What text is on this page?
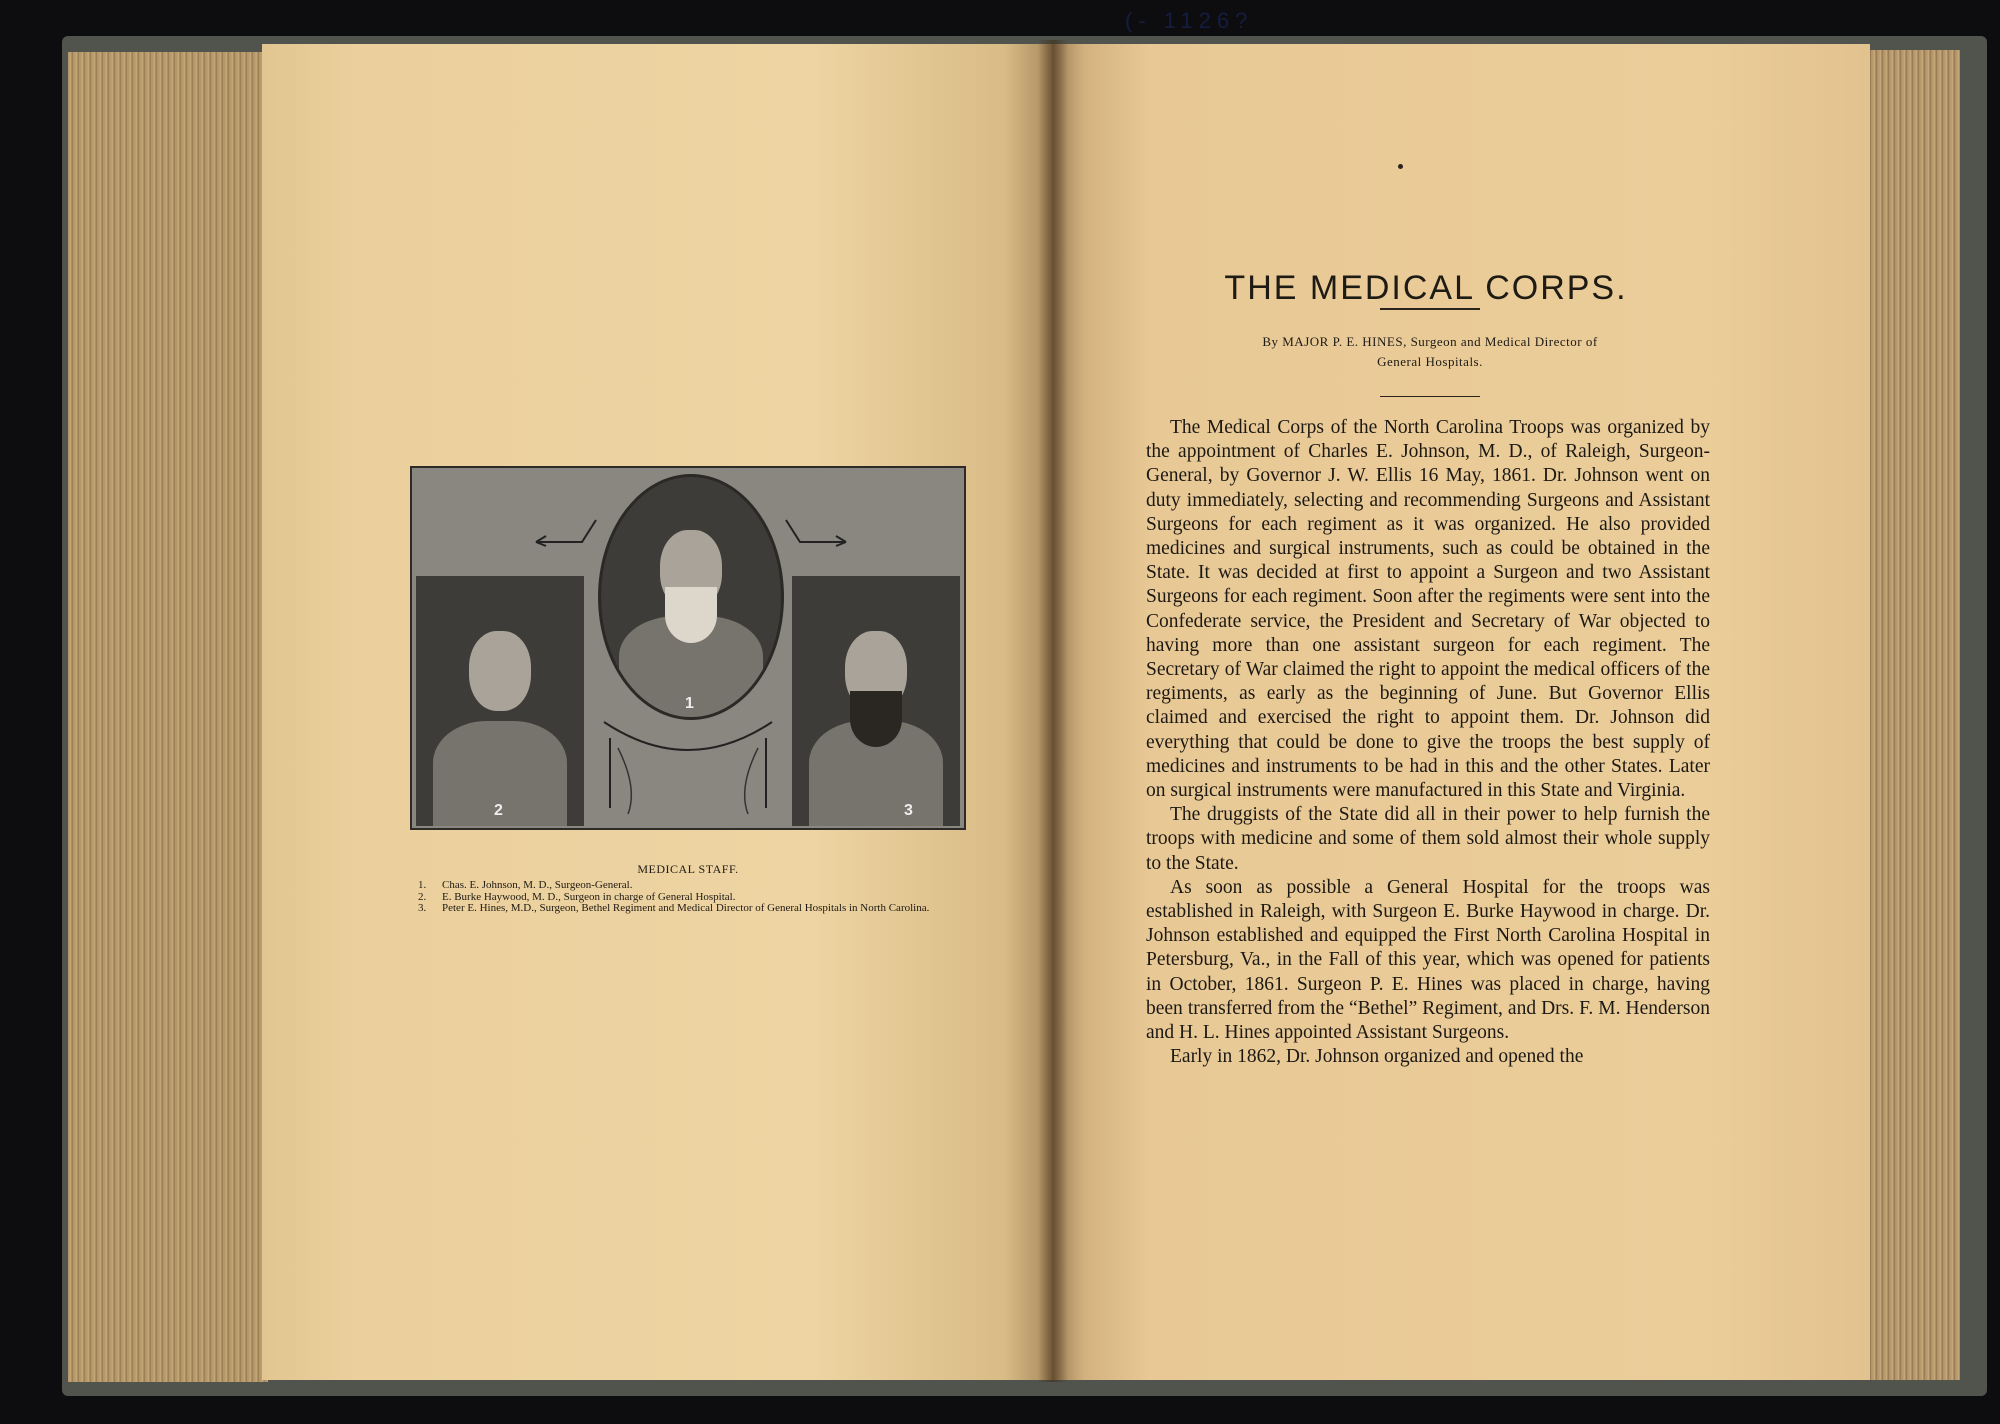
(- 1126?
2
1
3
MEDICAL STAFF.
1. Chas. E. Johnson, M. D., Surgeon-General.
2. E. Burke Haywood, M. D., Surgeon in charge of General Hospital.
3. Peter E. Hines, M.D., Surgeon, Bethel Regiment and Medical Director of General Hospitals in North Carolina.
THE MEDICAL CORPS.
By MAJOR P. E. HINES, Surgeon and Medical Director of
General Hospitals.

The Medical Corps of the North Carolina Troops was organized by the appointment of Charles E. Johnson, M. D., of Raleigh, Surgeon-General, by Governor J. W. Ellis 16 May, 1861. Dr. Johnson went on duty immediately, selecting and recommending Surgeons and Assistant Surgeons for each regiment as it was organized. He also provided medicines and surgical instruments, such as could be obtained in the State. It was decided at first to appoint a Surgeon and two Assistant Surgeons for each regiment. Soon after the regiments were sent into the Confederate service, the President and Secretary of War objected to having more than one assistant surgeon for each regiment. The Secretary of War claimed the right to appoint the medical officers of the regiments, as early as the beginning of June. But Governor Ellis claimed and exercised the right to appoint them. Dr. Johnson did everything that could be done to give the troops the best supply of medicines and instruments to be had in this and the other States. Later on surgical instruments were manufactured in this State and Virginia.

The druggists of the State did all in their power to help furnish the troops with medicine and some of them sold almost their whole supply to the State.

As soon as possible a General Hospital for the troops was established in Raleigh, with Surgeon E. Burke Haywood in charge. Dr. Johnson established and equipped the First North Carolina Hospital in Petersburg, Va., in the Fall of this year, which was opened for patients in October, 1861. Surgeon P. E. Hines was placed in charge, having been transferred from the “Bethel” Regiment, and Drs. F. M. Henderson and H. L. Hines appointed Assistant Surgeons.

Early in 1862, Dr. Johnson organized and opened the
